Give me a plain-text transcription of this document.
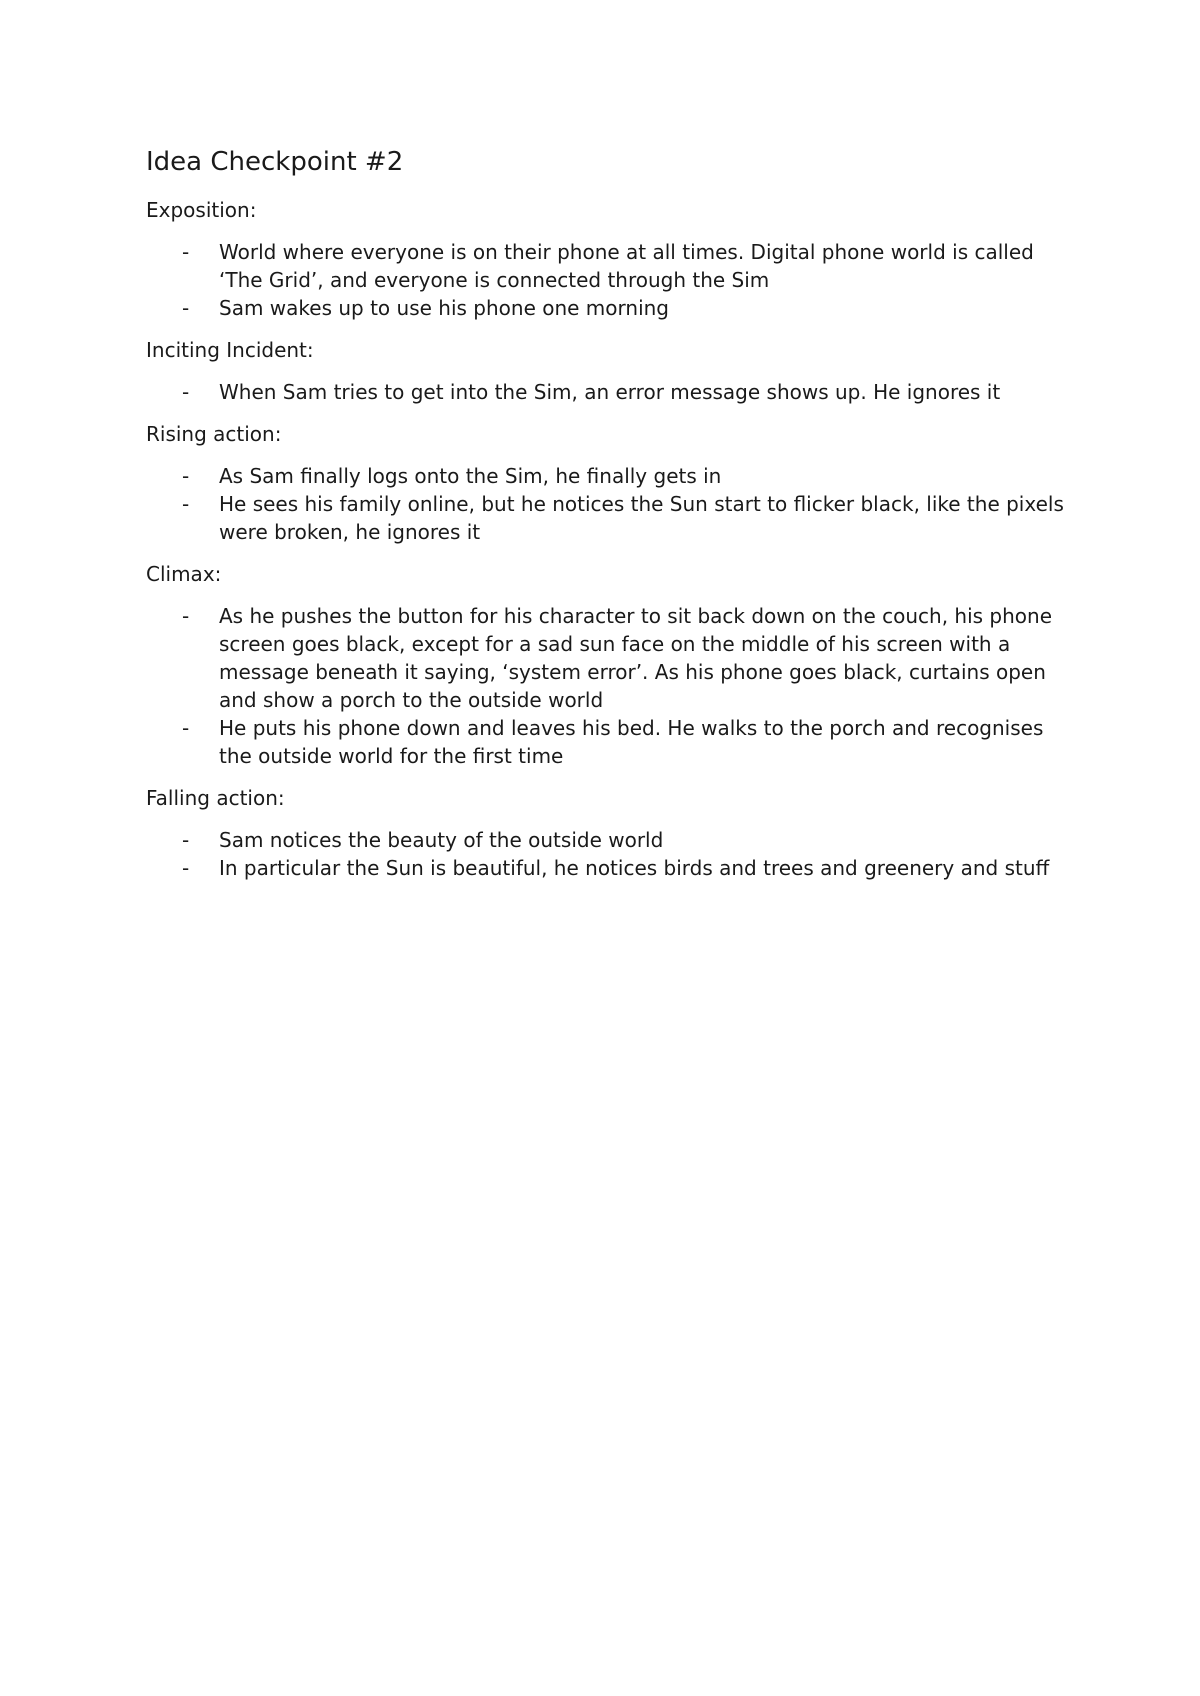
Idea Checkpoint #2
Exposition:
- World where everyone is on their phone at all times. Digital phone world is called ‘The Grid’, and everyone is connected through the Sim
- Sam wakes up to use his phone one morning
Inciting Incident:
- When Sam tries to get into the Sim, an error message shows up. He ignores it
Rising action:
- As Sam finally logs onto the Sim, he finally gets in
- He sees his family online, but he notices the Sun start to flicker black, like the pixels were broken, he ignores it
Climax:
- As he pushes the button for his character to sit back down on the couch, his phone screen goes black, except for a sad sun face on the middle of his screen with a message beneath it saying, ‘system error’. As his phone goes black, curtains open and show a porch to the outside world
- He puts his phone down and leaves his bed. He walks to the porch and recognises the outside world for the first time
Falling action:
- Sam notices the beauty of the outside world
- In particular the Sun is beautiful, he notices birds and trees and greenery and stuff
